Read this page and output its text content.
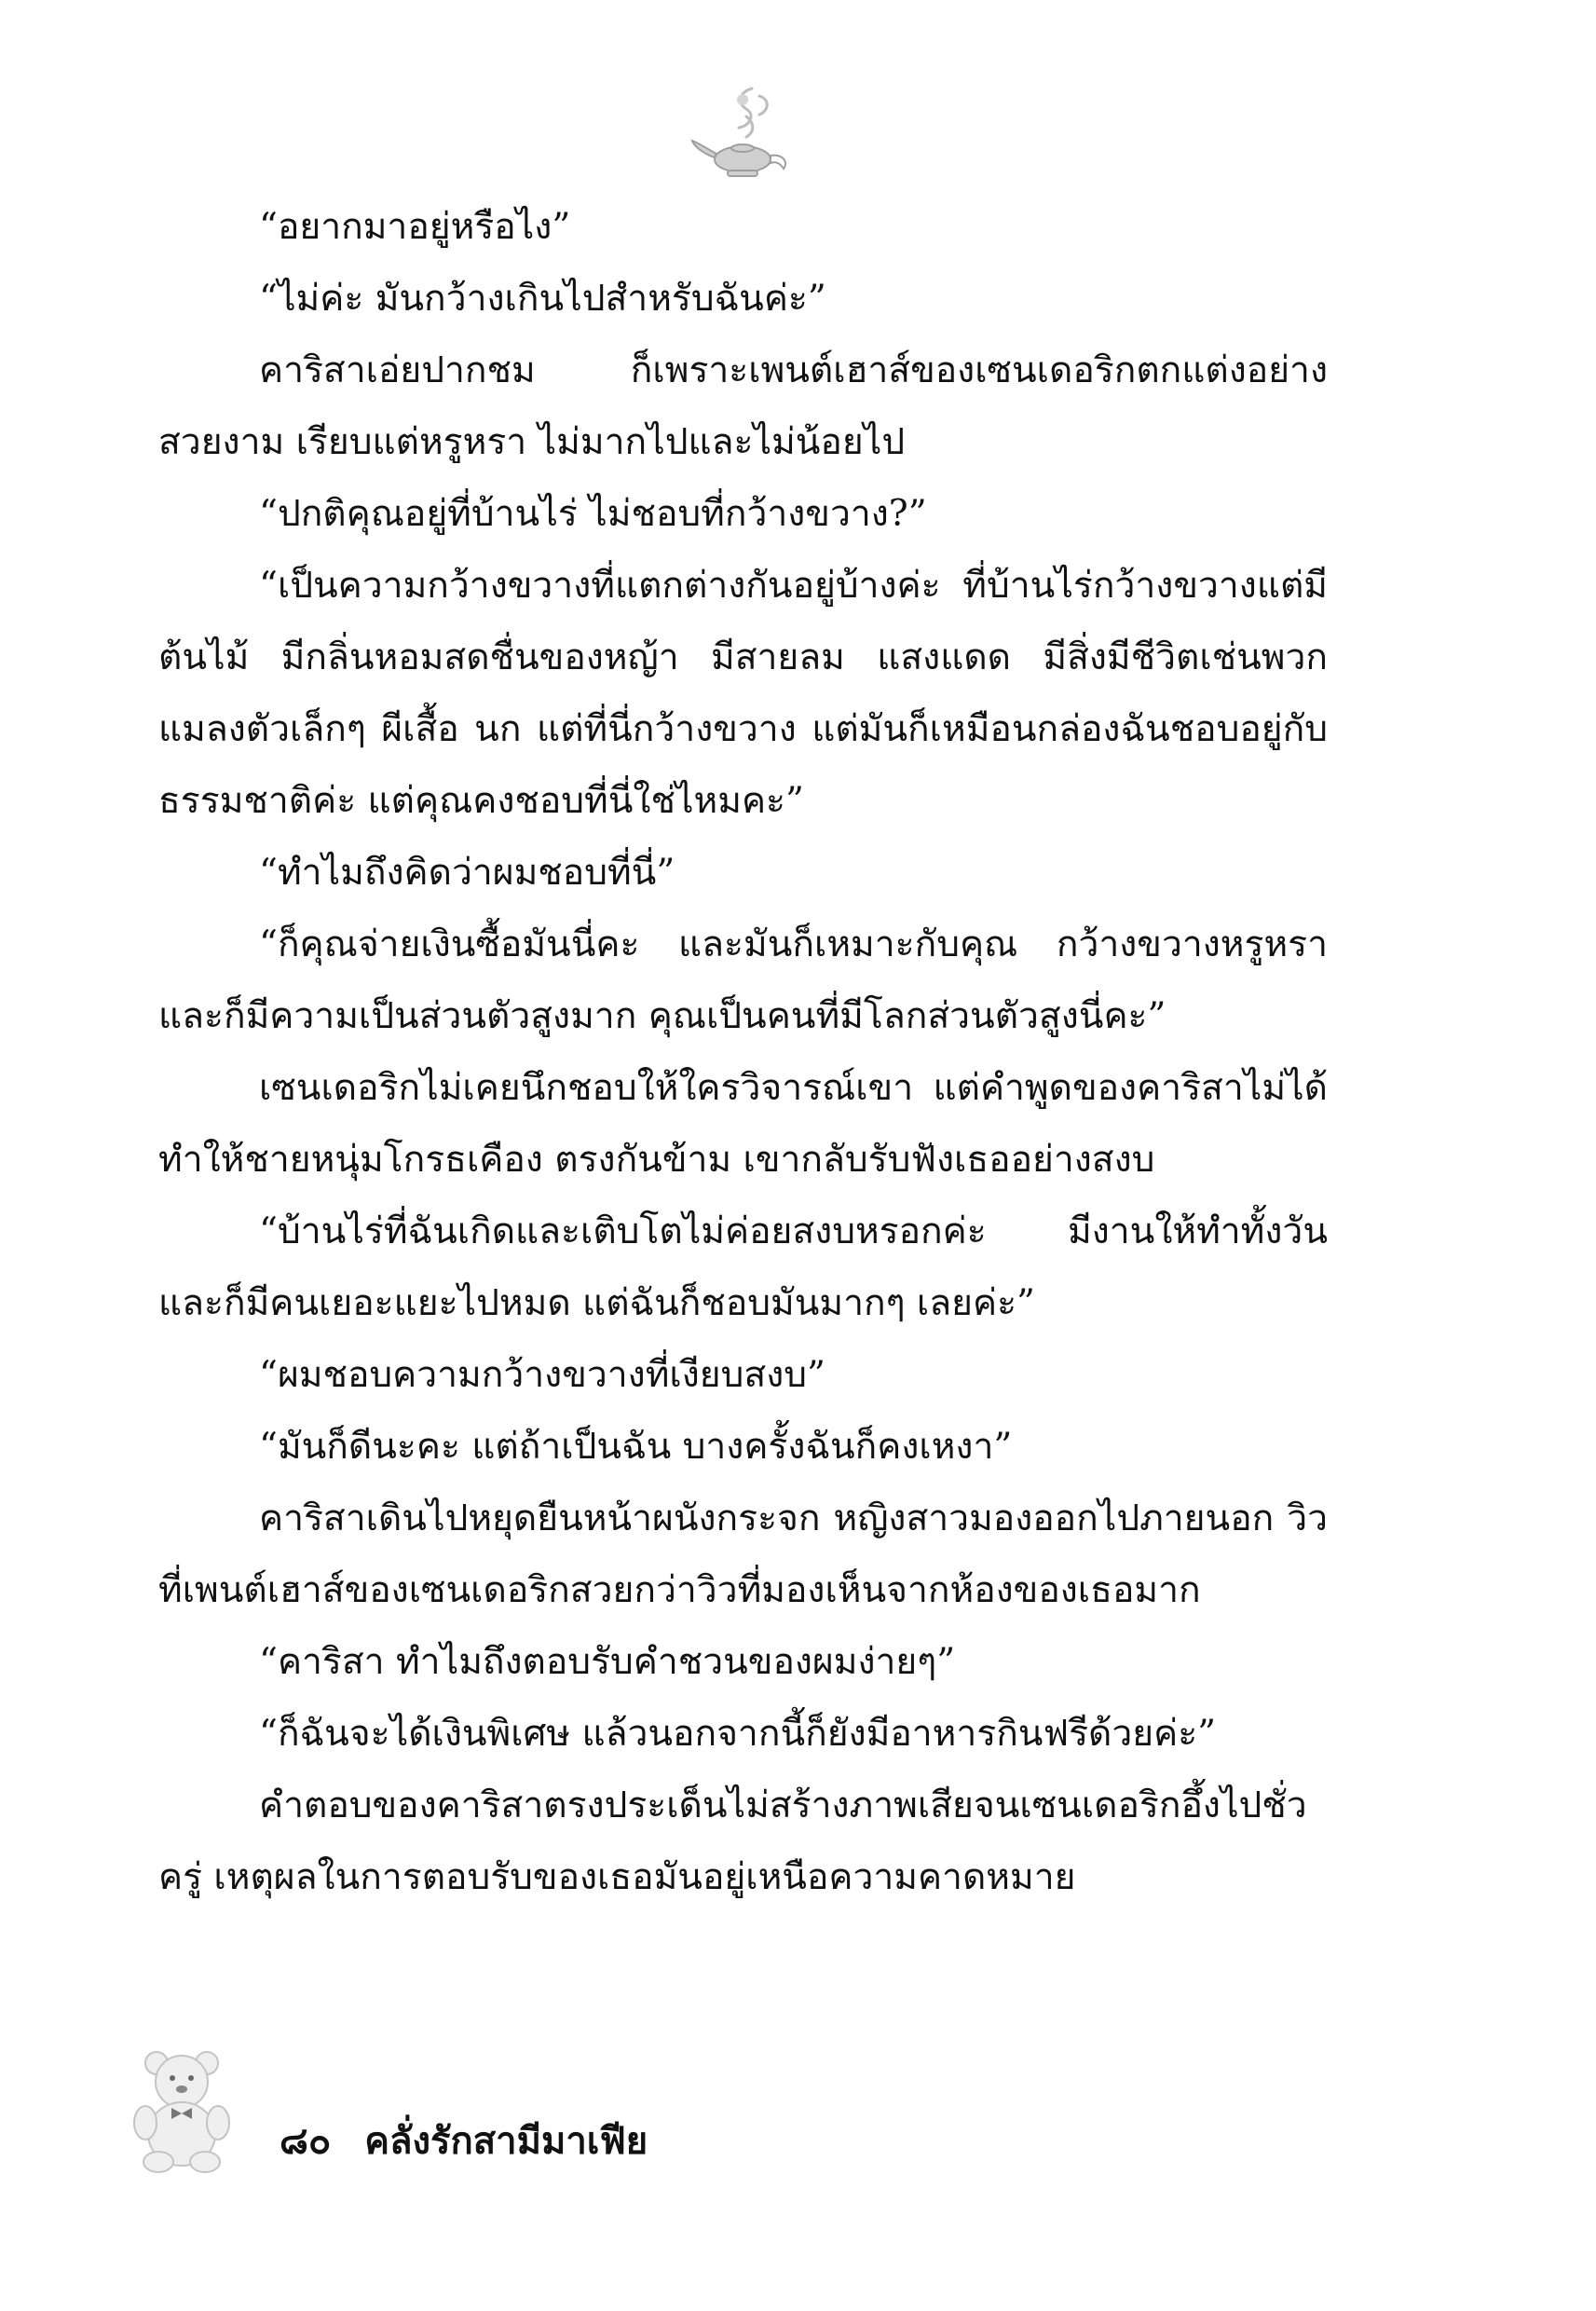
“อยากมาอยู่หรือไง”

“ไม่ค่ะ มันกว้างเกินไปสำหรับฉันค่ะ”

คาริสาเอ่ยปากชม ก็เพราะเพนต์เฮาส์ของเซนเดอริกตกแต่งอย่างสวยงาม เรียบแต่หรูหรา ไม่มากไปและไม่น้อยไป

“ปกติคุณอยู่ที่บ้านไร่ ไม่ชอบที่กว้างขวาง?”

“เป็นความกว้างขวางที่แตกต่างกันอยู่บ้างค่ะ ที่บ้านไร่กว้างขวางแต่มีต้นไม้ มีกลิ่นหอมสดชื่นของหญ้า มีสายลม แสงแดด มีสิ่งมีชีวิตเช่นพวกแมลงตัวเล็กๆ ผีเสื้อ นก แต่ที่นี่กว้างขวาง แต่มันก็เหมือนกล่องฉันชอบอยู่กับธรรมชาติค่ะ แต่คุณคงชอบที่นี่ใช่ไหมคะ”

“ทำไมถึงคิดว่าผมชอบที่นี่”

“ก็คุณจ่ายเงินซื้อมันนี่คะ และมันก็เหมาะกับคุณ กว้างขวางหรูหรา และก็มีความเป็นส่วนตัวสูงมาก คุณเป็นคนที่มีโลกส่วนตัวสูงนี่คะ”

เซนเดอริกไม่เคยนึกชอบให้ใครวิจารณ์เขา แต่คำพูดของคาริสาไม่ได้ทำให้ชายหนุ่มโกรธเคือง ตรงกันข้าม เขากลับรับฟังเธออย่างสงบ

“บ้านไร่ที่ฉันเกิดและเติบโตไม่ค่อยสงบหรอกค่ะ มีงานให้ทำทั้งวัน และก็มีคนเยอะแยะไปหมด แต่ฉันก็ชอบมันมากๆ เลยค่ะ”

“ผมชอบความกว้างขวางที่เงียบสงบ”

“มันก็ดีนะคะ แต่ถ้าเป็นฉัน บางครั้งฉันก็คงเหงา”

คาริสาเดินไปหยุดยืนหน้าผนังกระจก หญิงสาวมองออกไปภายนอก วิวที่เพนต์เฮาส์ของเซนเดอริกสวยกว่าวิวที่มองเห็นจากห้องของเธอมาก

“คาริสา ทำไมถึงตอบรับคำชวนของผมง่ายๆ”

“ก็ฉันจะได้เงินพิเศษ แล้วนอกจากนี้ก็ยังมีอาหารกินฟรีด้วยค่ะ”

คำตอบของคาริสาตรงประเด็นไม่สร้างภาพเสียจนเซนเดอริกอึ้งไปชั่วครู่ เหตุผลในการตอบรับของเธอมันอยู่เหนือความคาดหมาย

๘๐ คลั่งรักสามีมาเฟีย
